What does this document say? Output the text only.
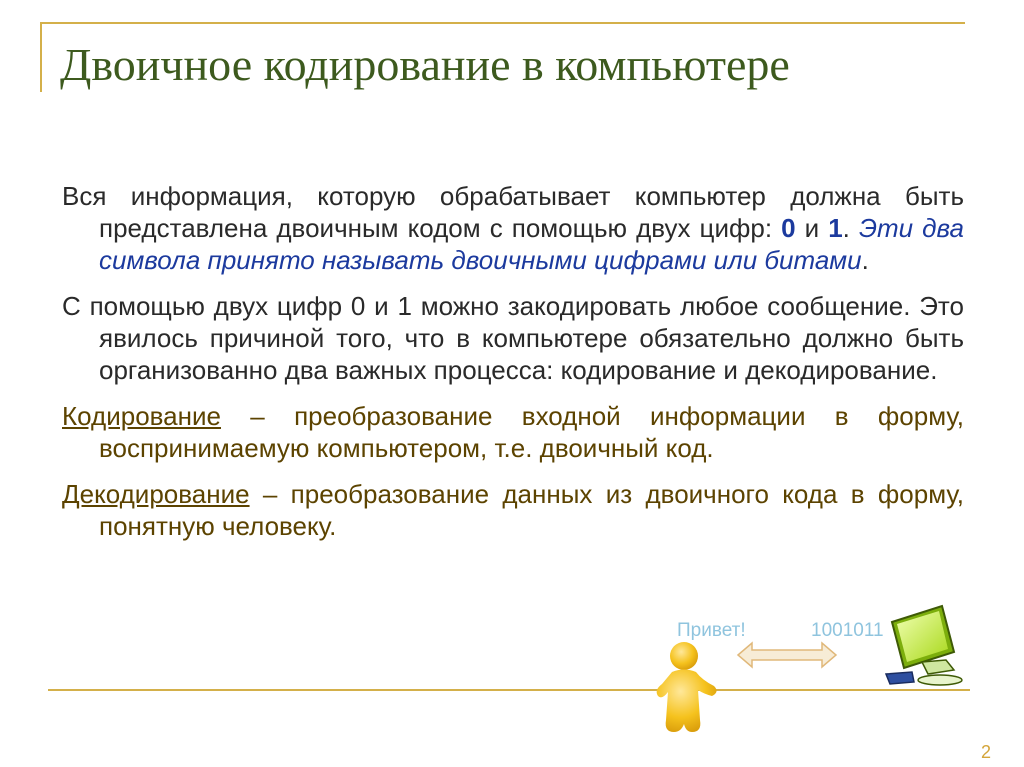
Двоичное кодирование в компьютере

Вся информация, которую обрабатывает компьютер должна быть представлена двоичным кодом с помощью двух цифр: 0 и 1. Эти два символа принято называть двоичными цифрами или битами.

С помощью двух цифр 0 и 1 можно закодировать любое сообщение. Это явилось причиной того, что в компьютере обязательно должно быть организованно два важных процесса: кодирование и декодирование.

Кодирование – преобразование входной информации в форму, воспринимаемую компьютером, т.е. двоичный код.

Декодирование – преобразование данных из двоичного кода в форму, понятную человеку.

Привет!	1001011
2
